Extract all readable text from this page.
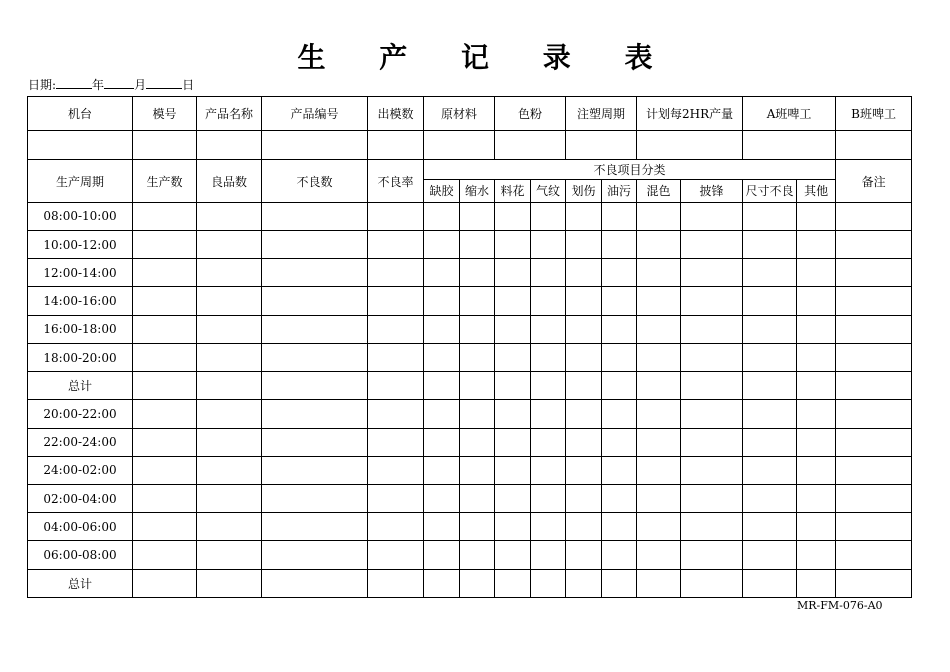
生 产 记 录 表
日期:	年	月	日
机台	模号	产品名称	产品编号	出模数	原材料		色粉		注塑周期		计划每2HR产量		A班啤工		B班啤工

生产周期	生产数	良品数	不良数	不良率	不良项目分类										备注
					缺胶	缩水	料花	气纹	划伤	油污	混色	披锋	尺寸不良	其他	
08:00-10:00															
10:00-12:00															
12:00-14:00															
14:00-16:00															
16:00-18:00															
18:00-20:00															
总计															
20:00-22:00															
22:00-24:00															
24:00-02:00															
02:00-04:00															
04:00-06:00															
06:00-08:00															
总计															
MR-FM-076-A0
